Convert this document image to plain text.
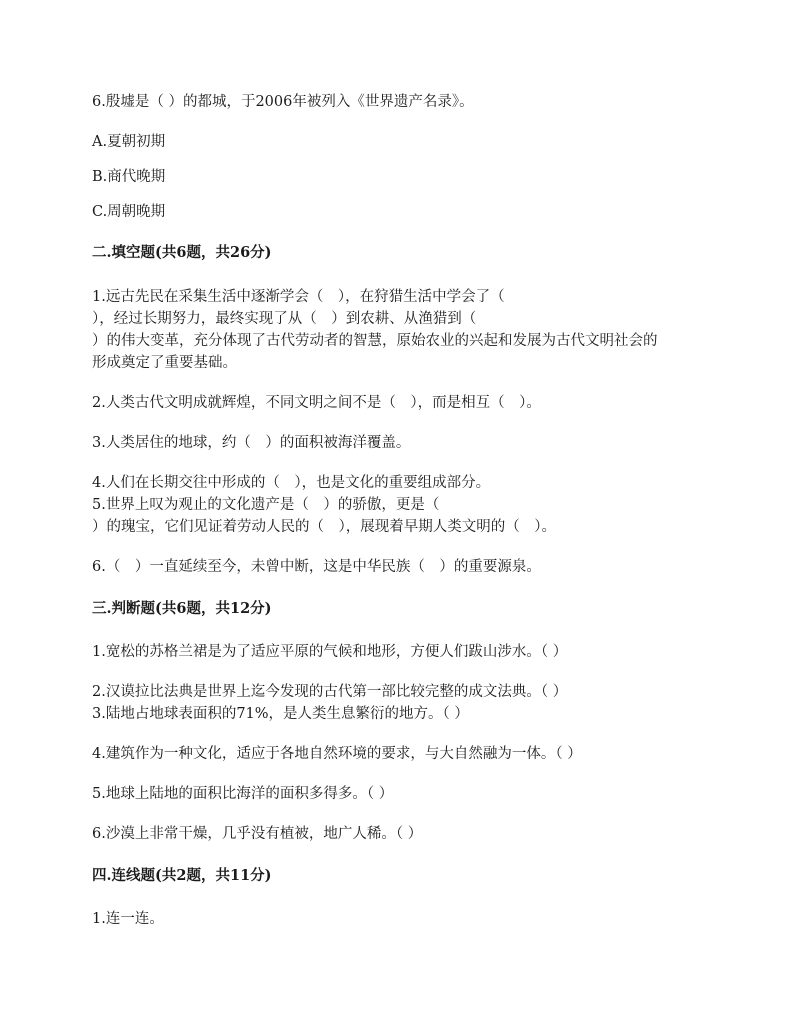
6.殷墟是（ ）的都城，于2006年被列入《世界遗产名录》。
A.夏朝初期
B.商代晚期
C.周朝晚期
二.填空题(共6题，共26分)
1.远古先民在采集生活中逐渐学会（　），在狩猎生活中学会了（
），经过长期努力，最终实现了从（　）到农耕、从渔猎到（
）的伟大变革，充分体现了古代劳动者的智慧，原始农业的兴起和发展为古代文明社会的
形成奠定了重要基础。
2.人类古代文明成就辉煌，不同文明之间不是（　），而是相互（　）。
3.人类居住的地球，约（　）的面积被海洋覆盖。
4.人们在长期交往中形成的（　），也是文化的重要组成部分。
5.世界上叹为观止的文化遗产是（　）的骄傲，更是（
）的瑰宝，它们见证着劳动人民的（　），展现着早期人类文明的（　）。
6.（　）一直延续至今，未曾中断，这是中华民族（　）的重要源泉。
三.判断题(共6题，共12分)
1.宽松的苏格兰裙是为了适应平原的气候和地形，方便人们跋山涉水。（ ）
2.汉谟拉比法典是世界上迄今发现的古代第一部比较完整的成文法典。（ ）
3.陆地占地球表面积的71%，是人类生息繁衍的地方。（ ）
4.建筑作为一种文化，适应于各地自然环境的要求，与大自然融为一体。（ ）
5.地球上陆地的面积比海洋的面积多得多。（ ）
6.沙漠上非常干燥，几乎没有植被，地广人稀。（ ）
四.连线题(共2题，共11分)
1.连一连。
